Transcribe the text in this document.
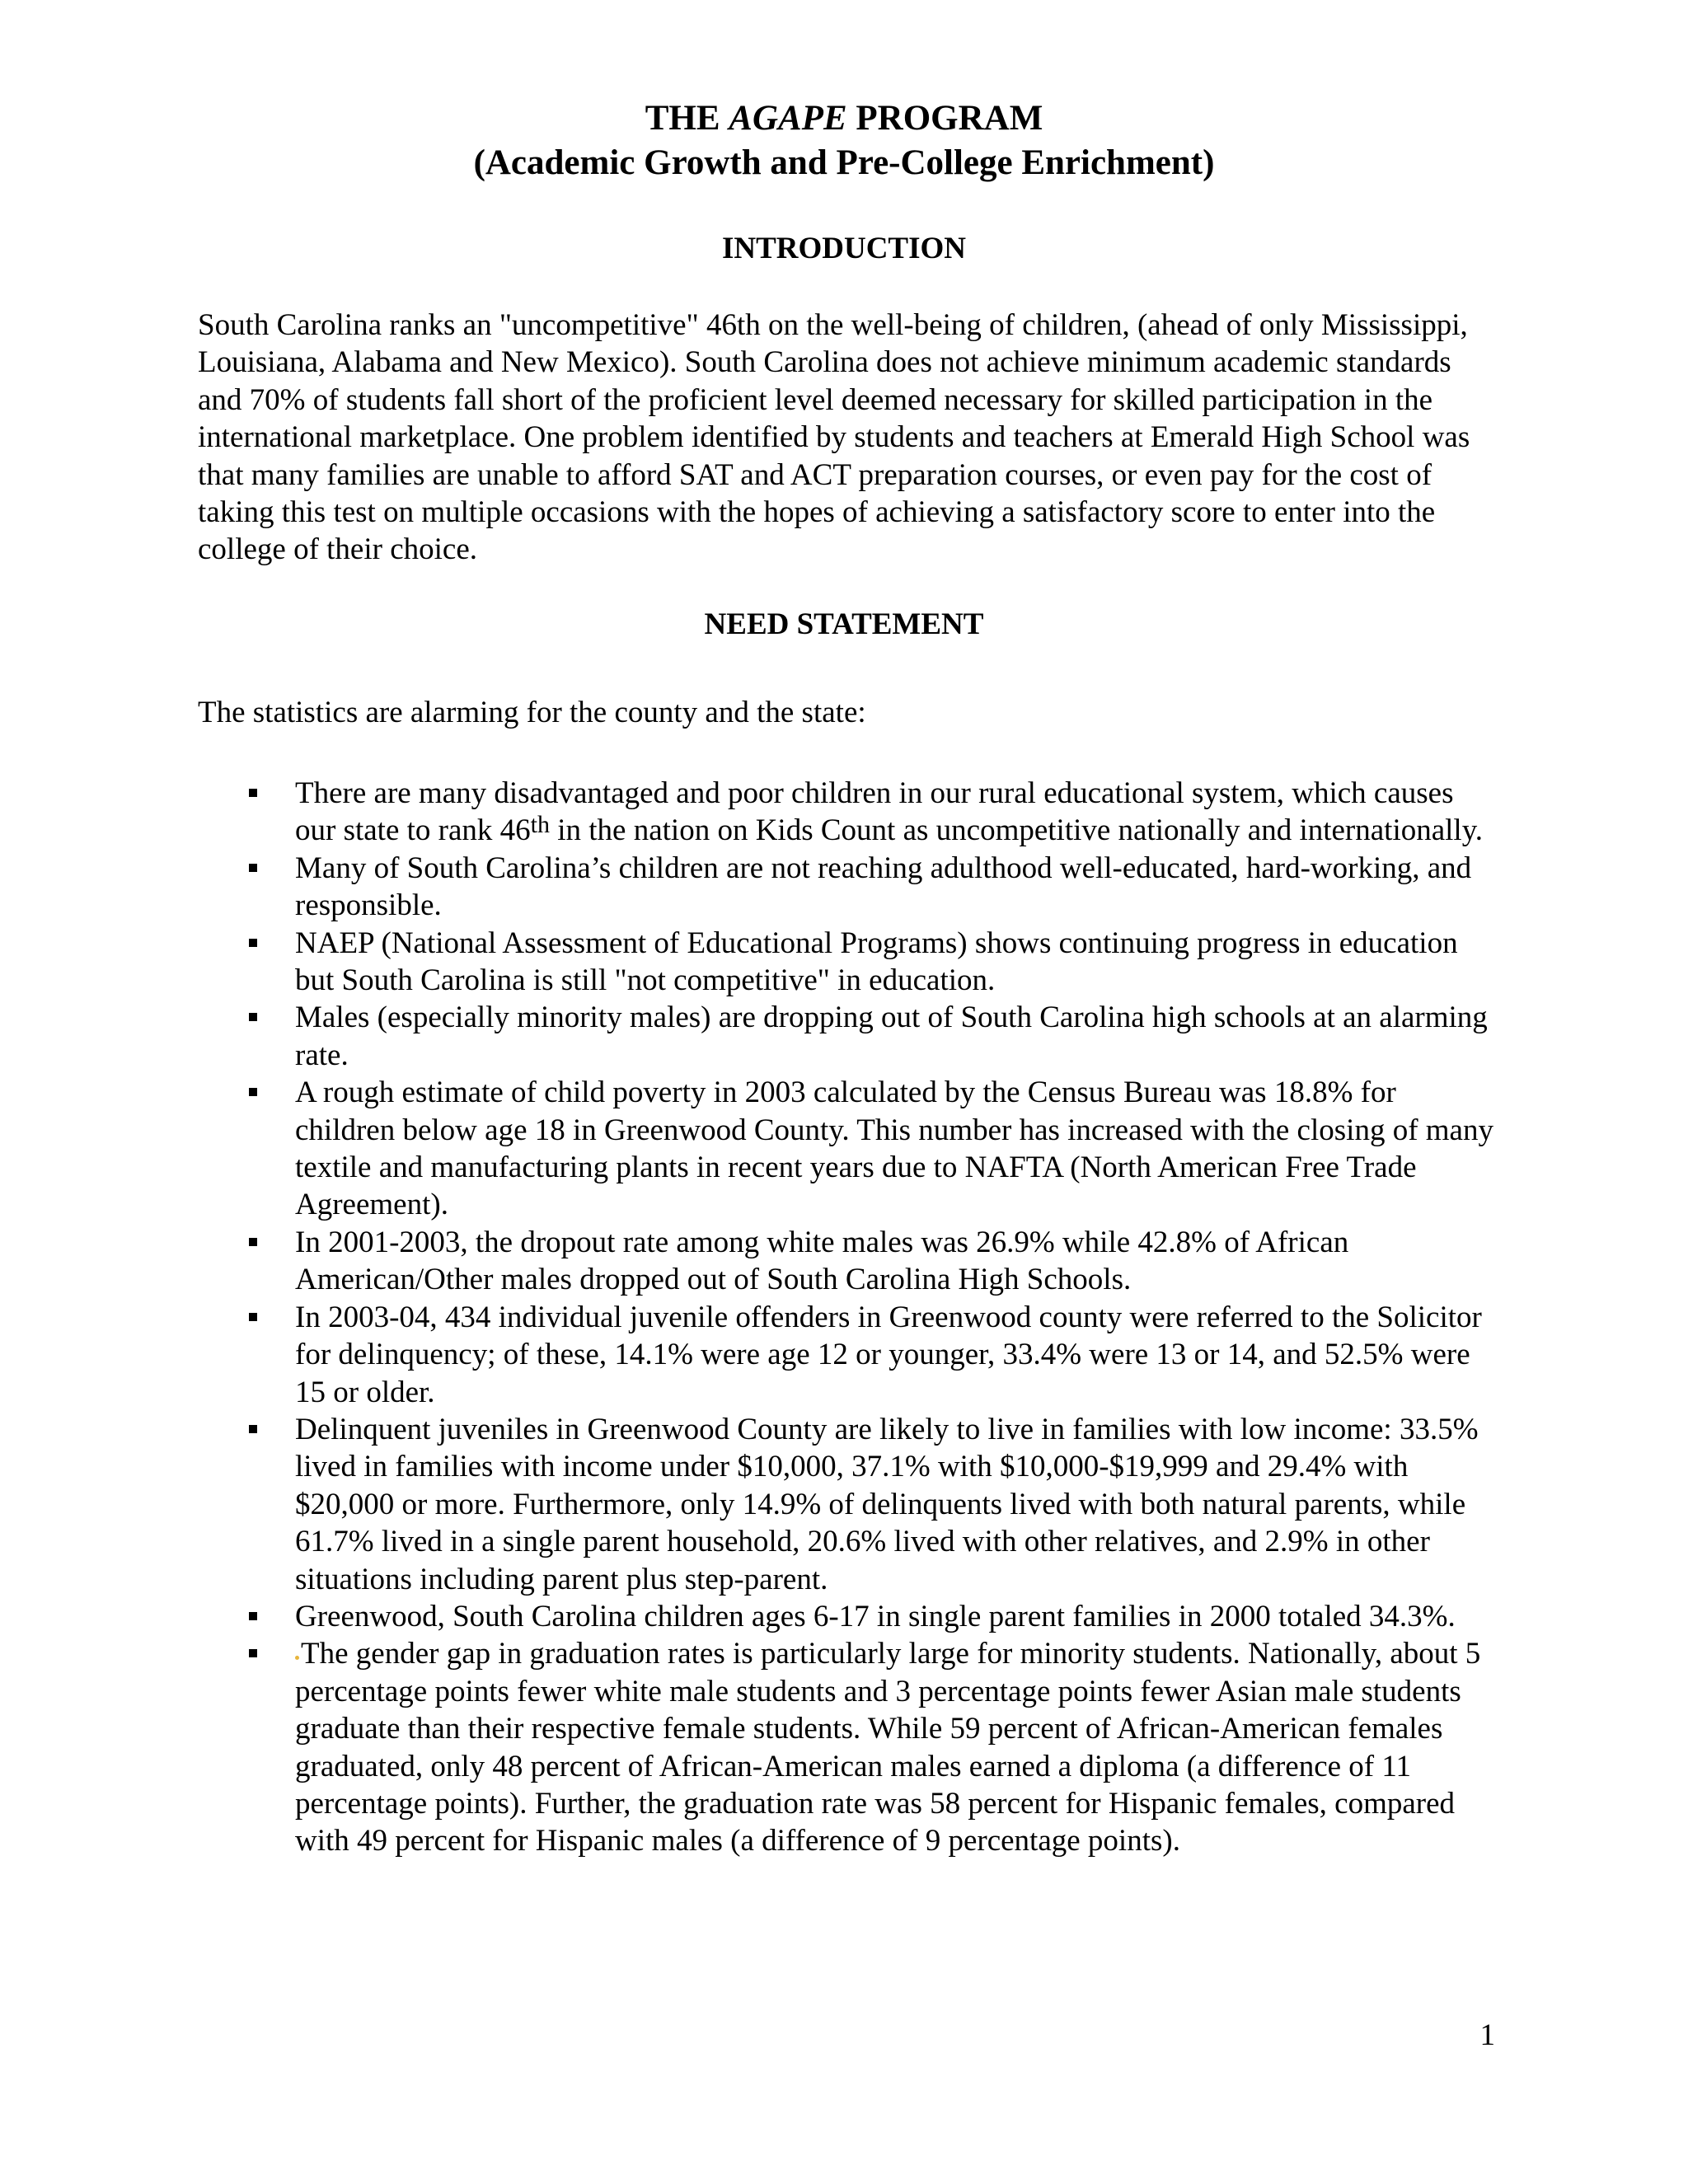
THE AGAPE PROGRAM
(Academic Growth and Pre-College Enrichment)
INTRODUCTION

South Carolina ranks an "uncompetitive" 46th on the well-being of children, (ahead of only Mississippi, Louisiana, Alabama and New Mexico). South Carolina does not achieve minimum academic standards and 70% of students fall short of the proficient level deemed necessary for skilled participation in the international marketplace. One problem identified by students and teachers at Emerald High School was that many families are unable to afford SAT and ACT preparation courses, or even pay for the cost of taking this test on multiple occasions with the hopes of achieving a satisfactory score to enter into the college of their choice.

NEED STATEMENT

The statistics are alarming for the county and the state:

There are many disadvantaged and poor children in our rural educational system, which causes our state to rank 46th in the nation on Kids Count as uncompetitive nationally and internationally.
Many of South Carolina’s children are not reaching adulthood well-educated, hard-working, and responsible.
NAEP (National Assessment of Educational Programs) shows continuing progress in education but South Carolina is still "not competitive" in education.
Males (especially minority males) are dropping out of South Carolina high schools at an alarming rate.
A rough estimate of child poverty in 2003 calculated by the Census Bureau was 18.8% for children below age 18 in Greenwood County. This number has increased with the closing of many textile and manufacturing plants in recent years due to NAFTA (North American Free Trade Agreement).
In 2001-2003, the dropout rate among white males was 26.9% while 42.8% of African American/Other males dropped out of South Carolina High Schools.
In 2003-04, 434 individual juvenile offenders in Greenwood county were referred to the Solicitor for delinquency; of these, 14.1% were age 12 or younger, 33.4% were 13 or 14, and 52.5% were 15 or older.
Delinquent juveniles in Greenwood County are likely to live in families with low income: 33.5% lived in families with income under $10,000, 37.1% with $10,000-$19,999 and 29.4% with $20,000 or more. Furthermore, only 14.9% of delinquents lived with both natural parents, while 61.7% lived in a single parent household, 20.6% lived with other relatives, and 2.9% in other situations including parent plus step-parent.
Greenwood, South Carolina children ages 6-17 in single parent families in 2000 totaled 34.3%.
The gender gap in graduation rates is particularly large for minority students. Nationally, about 5 percentage points fewer white male students and 3 percentage points fewer Asian male students graduate than their respective female students. While 59 percent of African-American females graduated, only 48 percent of African-American males earned a diploma (a difference of 11 percentage points). Further, the graduation rate was 58 percent for Hispanic females, compared with 49 percent for Hispanic males (a difference of 9 percentage points).
1
